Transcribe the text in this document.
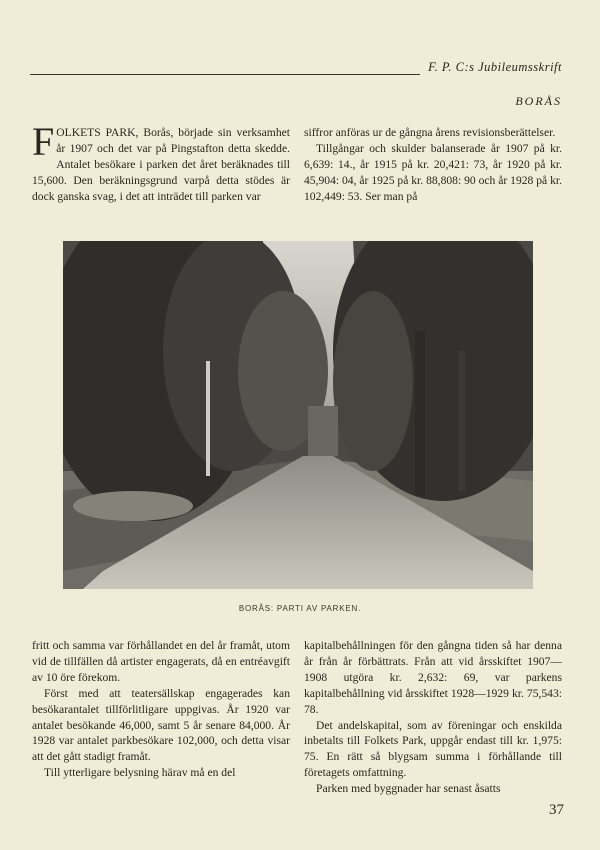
F. P. C:s Jubileumsskrift
BORÅS

FOLKETS PARK, Borås, började sin verksamhet år 1907 och det var på Pingstafton detta skedde. Antalet besökare i parken det året beräknades till 15,600. Den beräkningsgrund varpå detta stödes är dock ganska svag, i det att inträdet till parken var

siffror anföras ur de gångna årens revisionsberättelser.

Tillgångar och skulder balanserade år 1907 på kr. 6,639: 14., år 1915 på kr. 20,421: 73, år 1920 på kr. 45,904: 04, år 1925 på kr. 88,808: 90 och år 1928 på kr. 102,449: 53. Ser man på

BORÅS: PARTI AV PARKEN.

fritt och samma var förhållandet en del år framåt, utom vid de tillfällen då artister engagerats, då en entréavgift av 10 öre förekom.

Först med att teatersällskap engagerades kan besökarantalet tillförlitligare uppgivas. År 1920 var antalet besökande 46,000, samt 5 år senare 84,000. År 1928 var antalet parkbesökare 102,000, och detta visar att det gått stadigt framåt.

Till ytterligare belysning härav må en del

kapitalbehållningen för den gångna tiden så har denna år från år förbättrats. Från att vid årsskiftet 1907—1908 utgöra kr. 2,632: 69, var parkens kapitalbehållning vid årsskiftet 1928—1929 kr. 75,543: 78.

Det andelskapital, som av föreningar och enskilda inbetalts till Folkets Park, uppgår endast till kr. 1,975: 75. En rätt så blygsam summa i förhållande till företagets omfattning.

Parken med byggnader har senast åsatts

37
